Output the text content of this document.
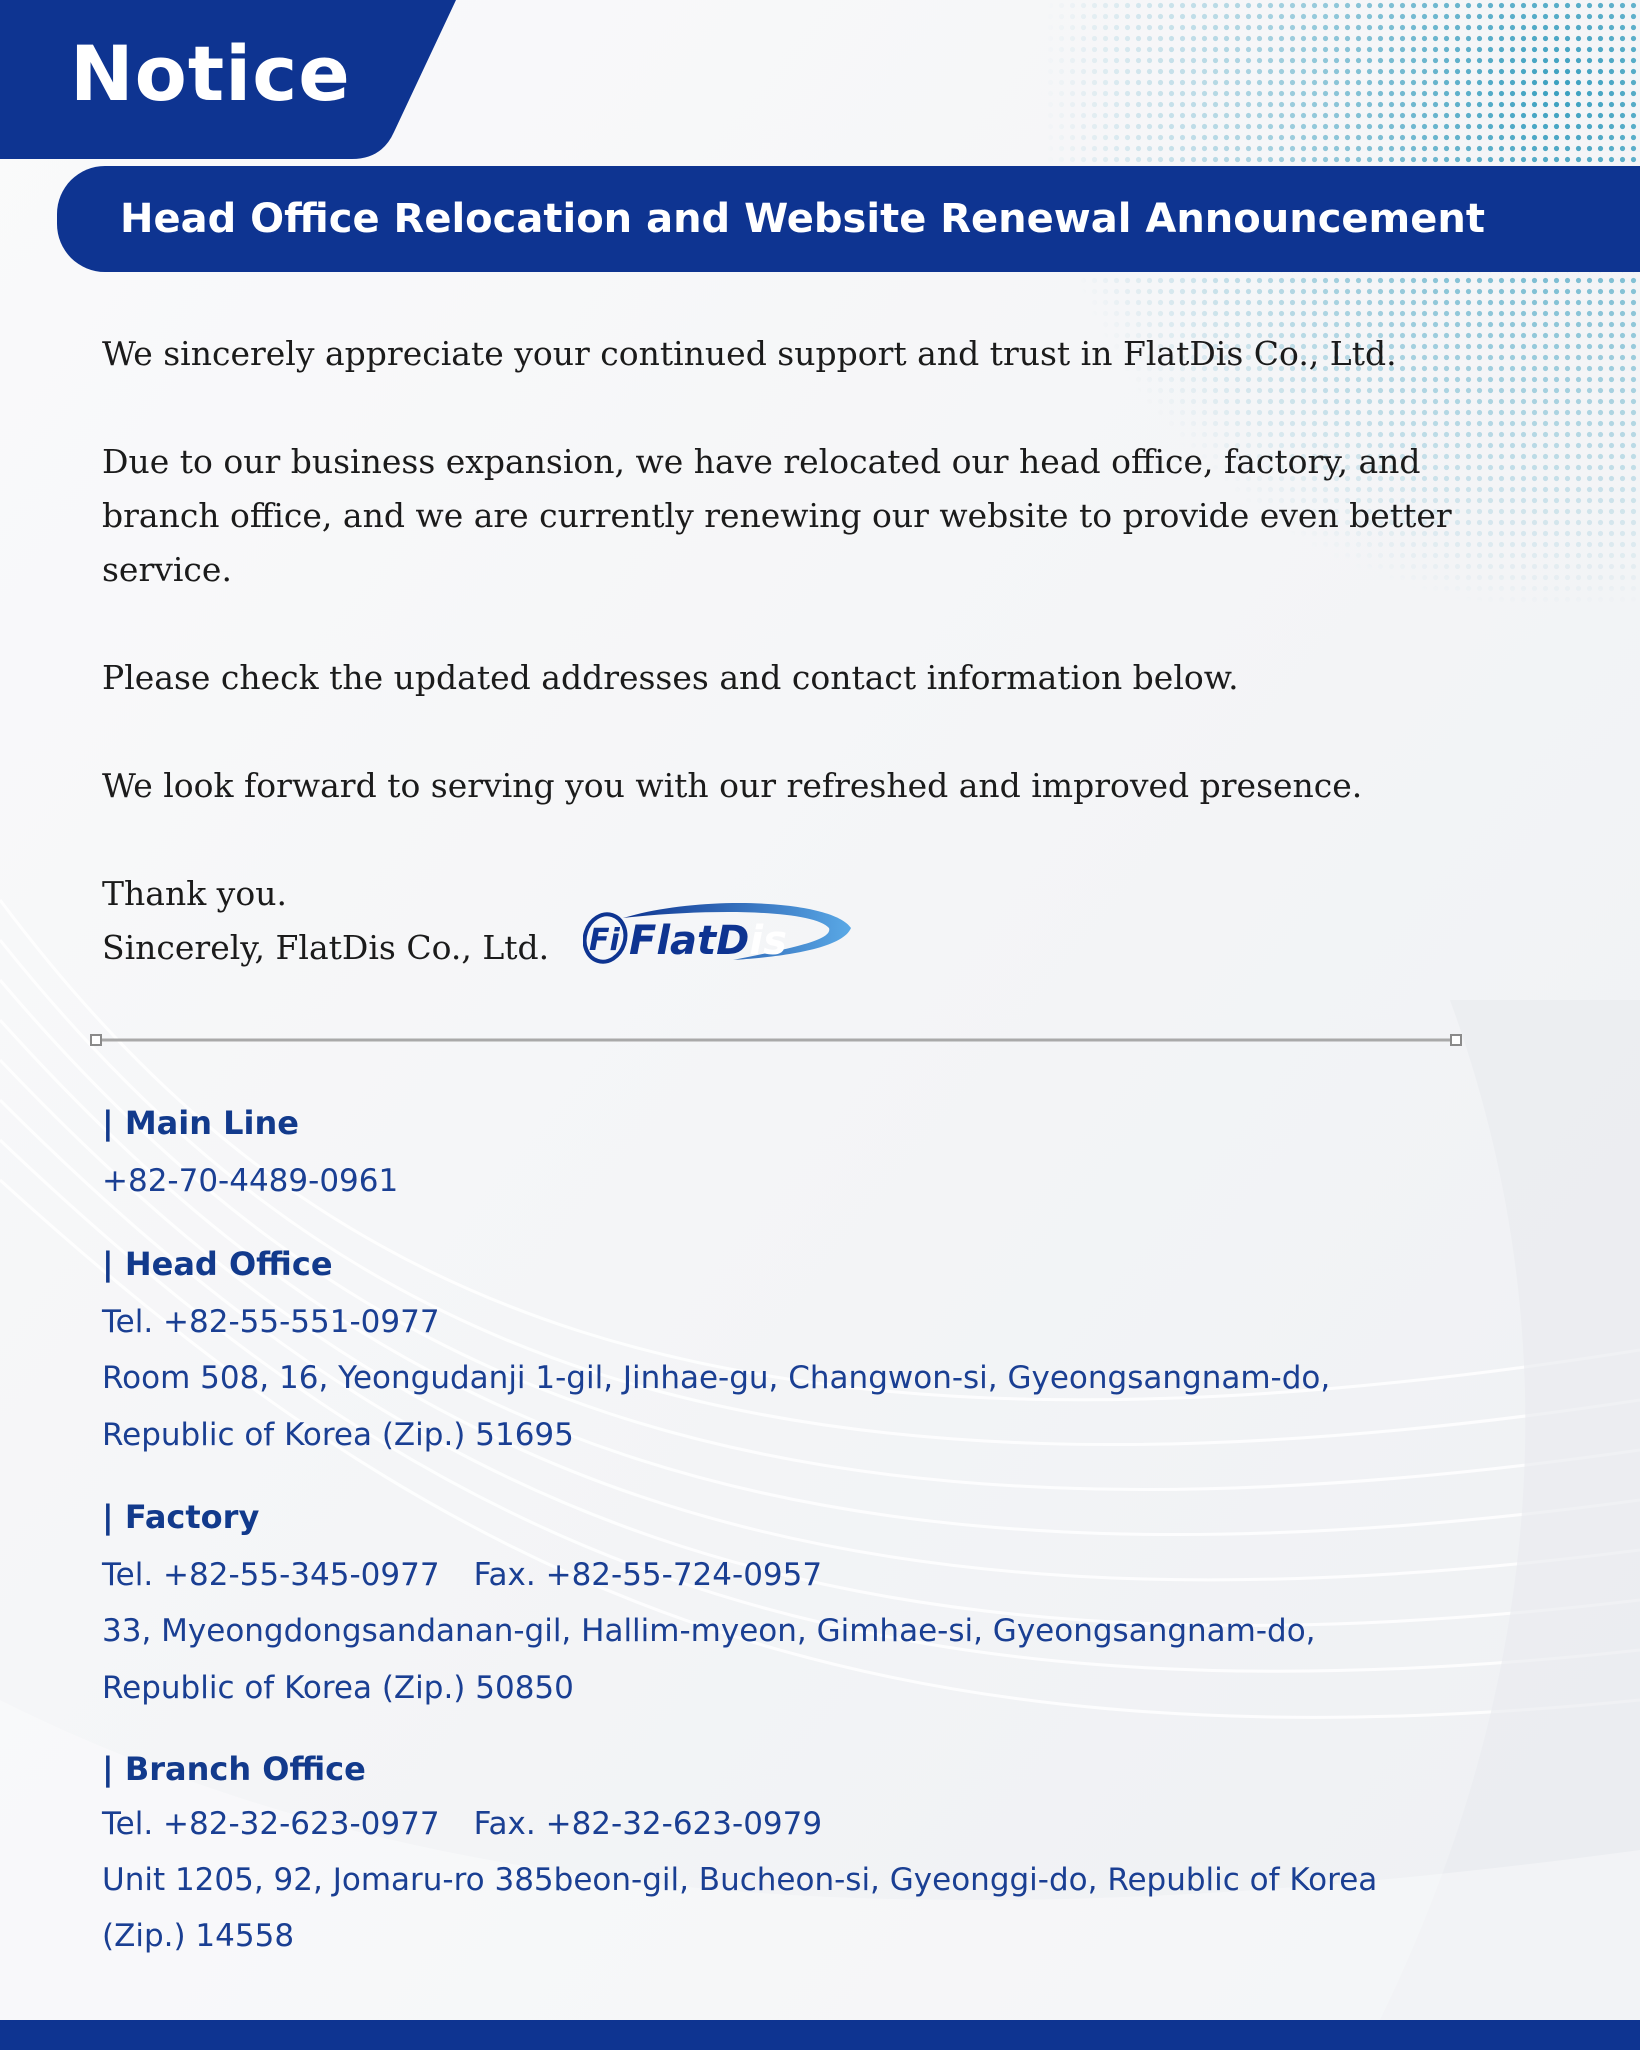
Notice
Head Office Relocation and Website Renewal Announcement

We sincerely appreciate your continued support and trust in FlatDis Co., Ltd.

Due to our business expansion, we have relocated our head office, factory, and branch office, and we are currently renewing our website to provide even better service.

Please check the updated addresses and contact information below.

We look forward to serving you with our refreshed and improved presence.

Thank you.

Sincerely, FlatDis Co., Ltd.	Fi FlatDis
| Main Line
+82-70-4489-0961
| Head Office
Tel. +82-55-551-0977
Room 508, 16, Yeongudanji 1-gil, Jinhae-gu, Changwon-si, Gyeongsangnam-do,
Republic of Korea (Zip.) 51695
| Factory
Tel. +82-55-345-0977 Fax. +82-55-724-0957
33, Myeongdongsandanan-gil, Hallim-myeon, Gimhae-si, Gyeongsangnam-do,
Republic of Korea (Zip.) 50850
| Branch Office
Tel. +82-32-623-0977 Fax. +82-32-623-0979
Unit 1205, 92, Jomaru-ro 385beon-gil, Bucheon-si, Gyeonggi-do, Republic of Korea
(Zip.) 14558
